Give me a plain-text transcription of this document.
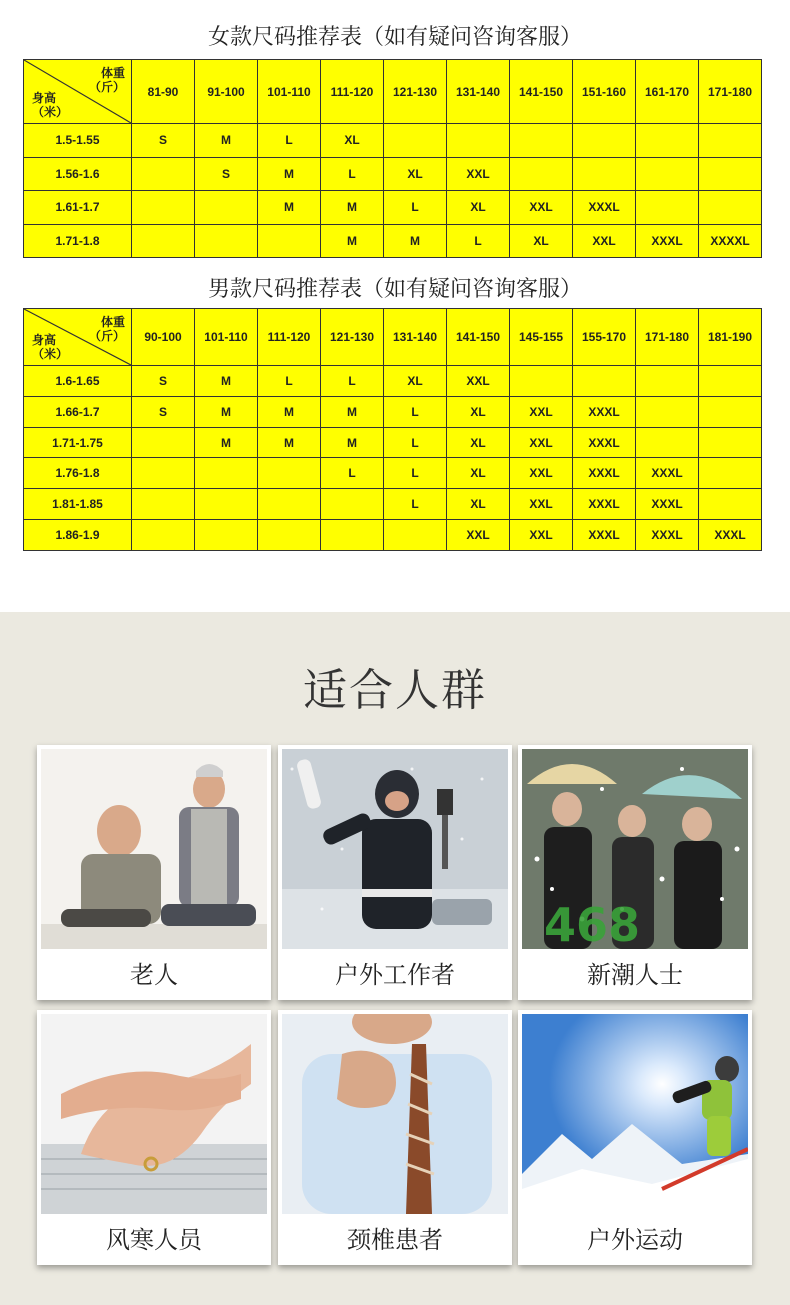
女款尺码推荐表（如有疑问咨询客服）
体重
（斤）
身高
（米）	81-90	91-100	101-110	111-120	121-130	131-140	141-150	151-160	161-170	171-180
1.5-1.55	S	M	L	XL						
1.56-1.6		S	M	L	XL	XXL				
1.61-1.7			M	M	L	XL	XXL	XXXL		
1.71-1.8				M	M	L	XL	XXL	XXXL	XXXXL
男款尺码推荐表（如有疑问咨询客服）
体重
（斤）
身高
（米）	90-100	101-110	111-120	121-130	131-140	141-150	145-155	155-170	171-180	181-190
1.6-1.65	S	M	L	L	XL	XXL				
1.66-1.7	S	M	M	M	L	XL	XXL	XXXL		
1.71-1.75		M	M	M	L	XL	XXL	XXXL		
1.76-1.8				L	L	XL	XXL	XXXL	XXXL	
1.81-1.85					L	XL	XXL	XXXL	XXXL	
1.86-1.9						XXL	XXL	XXXL	XXXL	XXXL
适合人群
老人	户外工作者
468
新潮人士
风寒人员	颈椎患者	户外运动
